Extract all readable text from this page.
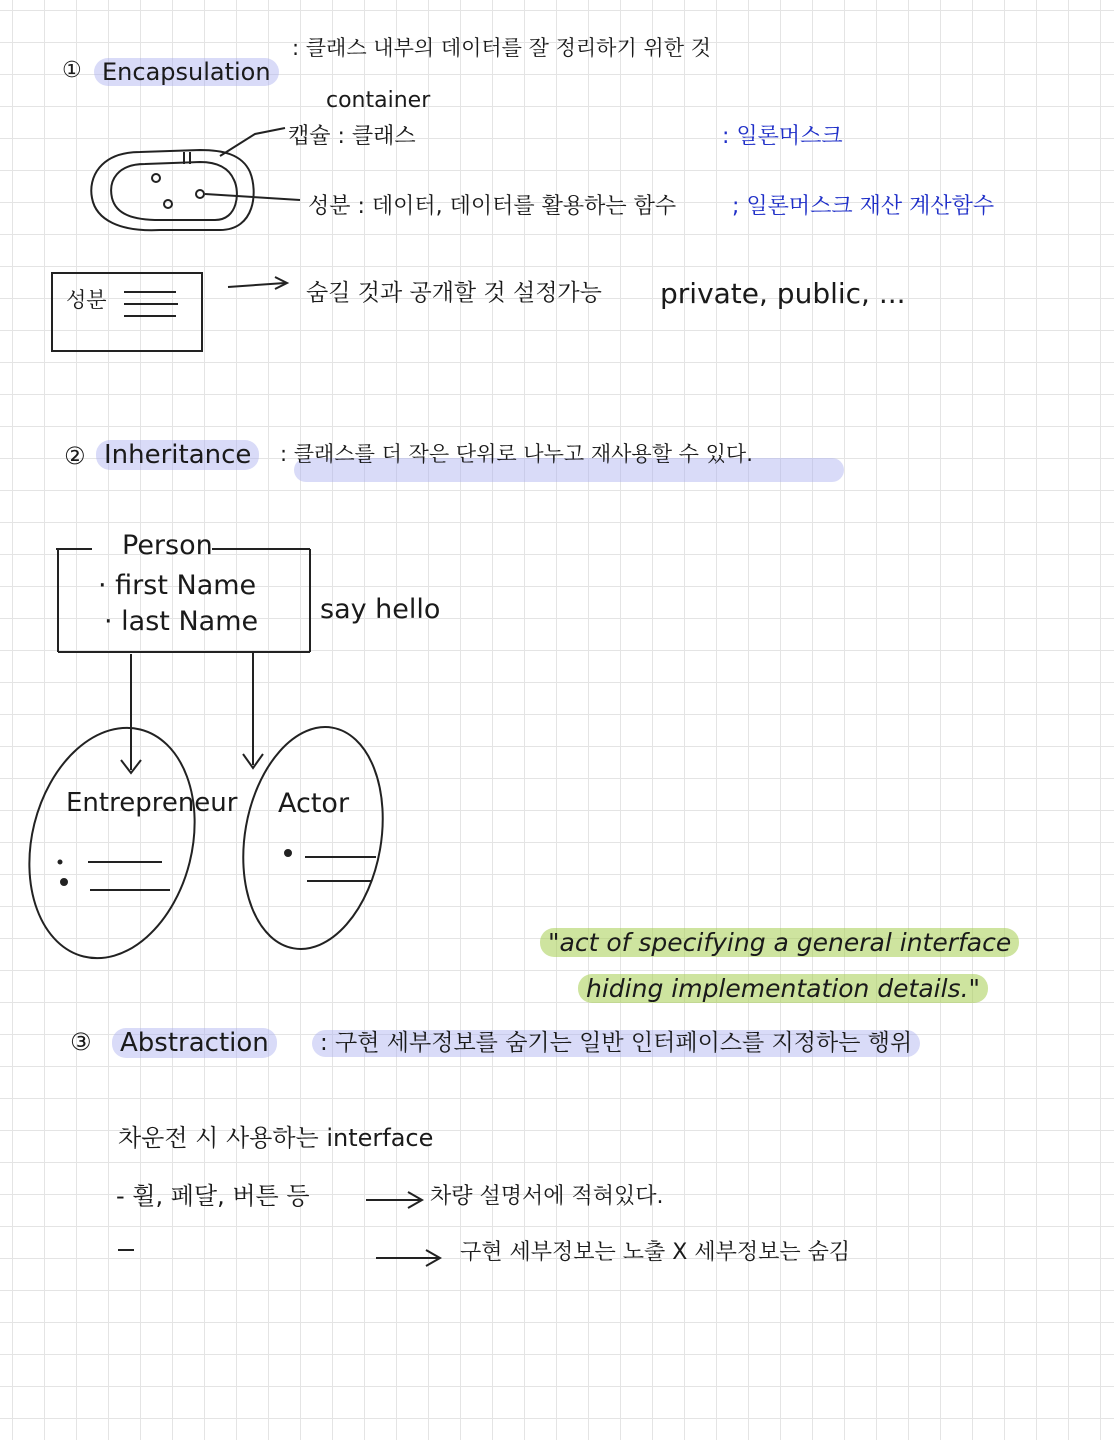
① Encapsulation
: 클래스 내부의 데이터를 잘 정리하기 위한 것
container
캡슐 : 클래스	: 일론머스크
성분 : 데이터, 데이터를 활용하는 함수	; 일론머스크 재산 계산함수
성분	숨길 것과 공개할 것 설정가능 private, public, ...
② Inheritance	: 클래스를 더 작은 단위로 나누고 재사용할 수 있다.
Person
· first Name
· last Name say hello
Entrepreneur Actor
"act of specifying a general interface
hiding implementation details."
③	Abstraction	: 구현 세부정보를 숨기는 일반 인터페이스를 지정하는 행위
차운전 시 사용하는 interface
- 휠, 페달, 버튼 등	차량 설명서에 적혀있다.
구현 세부정보는 노출 X 세부정보는 숨김
